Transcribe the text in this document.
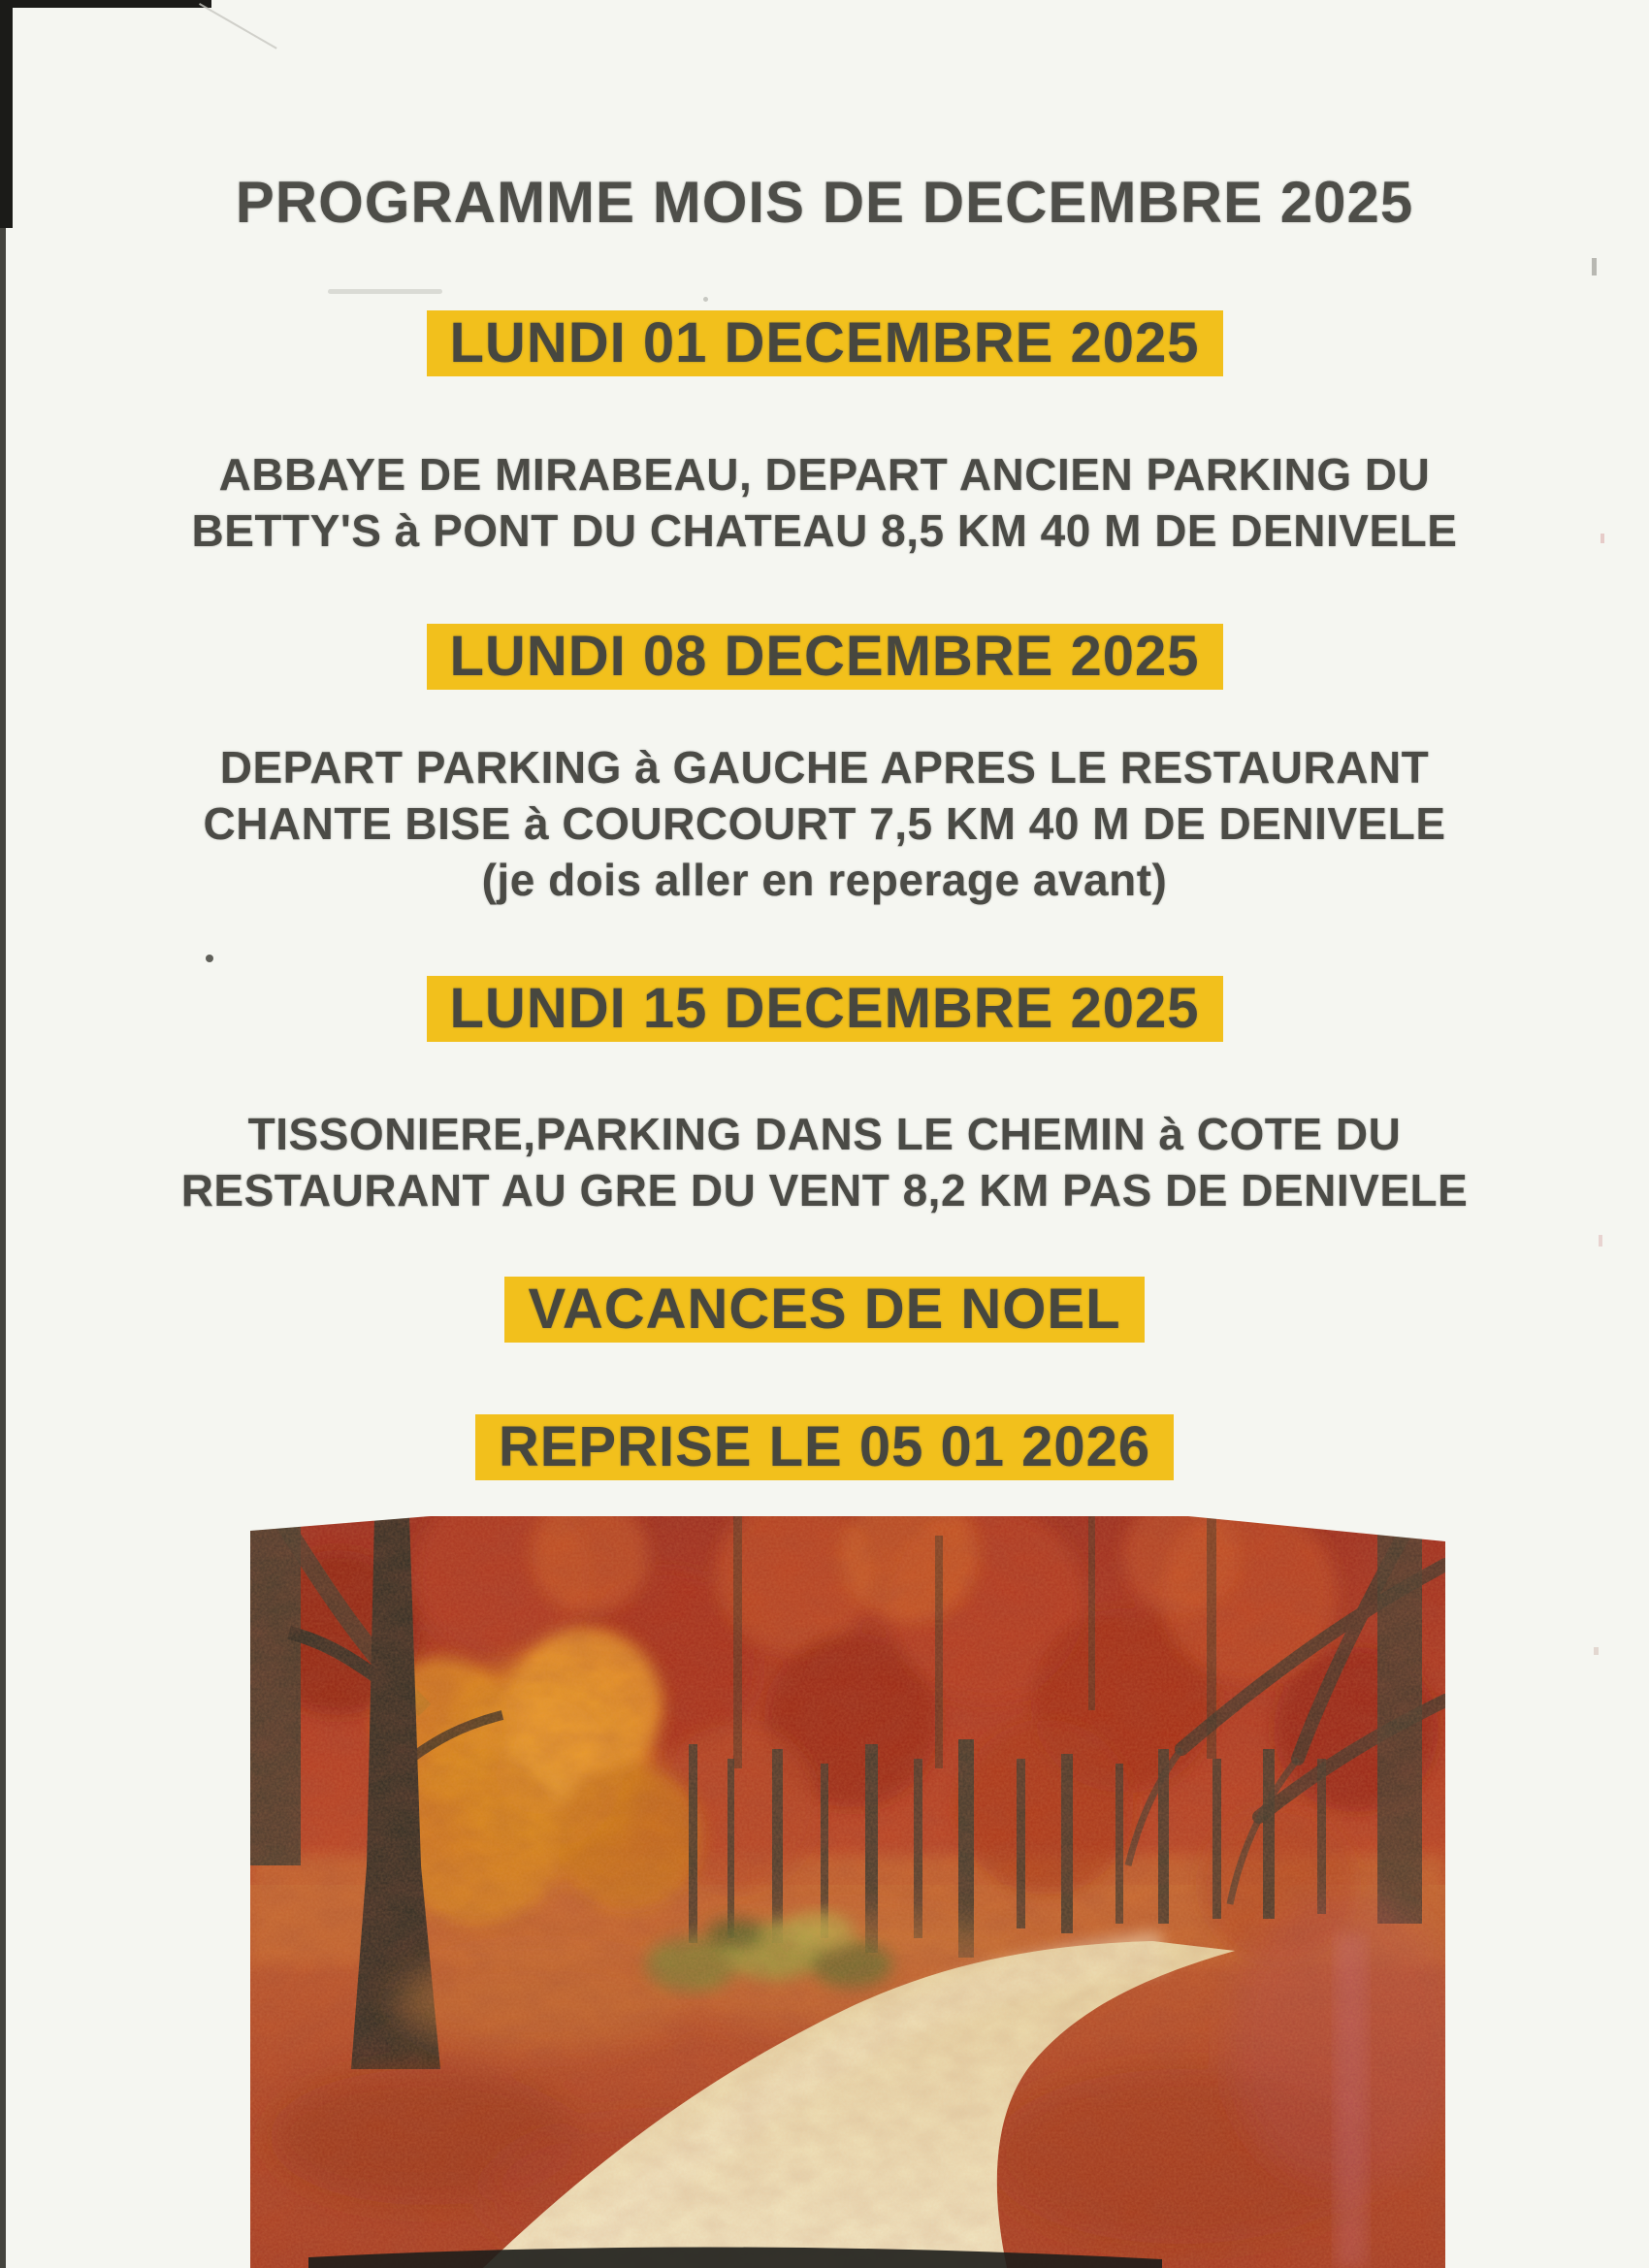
PROGRAMME MOIS DE DECEMBRE 2025
LUNDI 01 DECEMBRE 2025

ABBAYE DE MIRABEAU, DEPART ANCIEN PARKING DU
BETTY'S à PONT DU CHATEAU 8,5 KM 40 M DE DENIVELE

LUNDI 08 DECEMBRE 2025

DEPART PARKING à GAUCHE APRES LE RESTAURANT
CHANTE BISE à COURCOURT 7,5 KM 40 M DE DENIVELE
(je dois aller en reperage avant)

LUNDI 15 DECEMBRE 2025

TISSONIERE,PARKING DANS LE CHEMIN à COTE DU
RESTAURANT AU GRE DU VENT 8,2 KM PAS DE DENIVELE

VACANCES DE NOEL
REPRISE LE 05 01 2026
